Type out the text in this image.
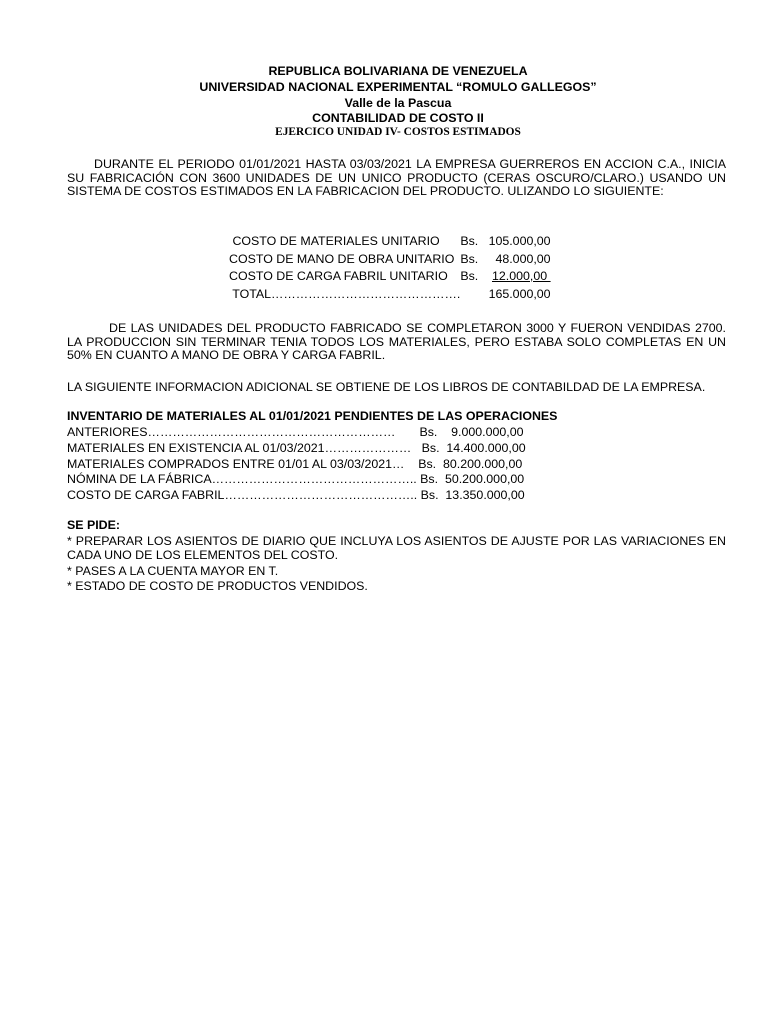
REPUBLICA BOLIVARIANA DE VENEZUELA
UNIVERSIDAD NACIONAL EXPERIMENTAL “ROMULO GALLEGOS”
Valle de la Pascua
CONTABILIDAD DE COSTO II
EJERCICO UNIDAD IV- COSTOS ESTIMADOS
DURANTE EL PERIODO 01/01/2021 HASTA 03/03/2021 LA EMPRESA GUERREROS EN ACCION C.A., INICIA SU FABRICACIÓN CON 3600 UNIDADES DE UN UNICO PRODUCTO (CERAS OSCURO/CLARO.) USANDO UN SISTEMA DE COSTOS ESTIMADOS EN LA FABRICACION DEL PRODUCTO. ULIZANDO LO SIGUIENTE:
COSTO DE MATERIALES UNITARIO	Bs.	105.000,00
COSTO DE MANO DE OBRA UNITARIO	Bs.	48.000,00
COSTO DE CARGA FABRIL UNITARIO	Bs.	12.000,00
TOTAL……………………………………….		165.000,00
DE LAS UNIDADES DEL PRODUCTO FABRICADO SE COMPLETARON 3000 Y FUERON VENDIDAS 2700. LA PRODUCCION SIN TERMINAR TENIA TODOS LOS MATERIALES, PERO ESTABA SOLO COMPLETAS EN UN 50% EN CUANTO A MANO DE OBRA Y CARGA FABRIL.
LA SIGUIENTE INFORMACION ADICIONAL SE OBTIENE DE LOS LIBROS DE CONTABILDAD DE LA EMPRESA.
INVENTARIO DE MATERIALES AL 01/01/2021 PENDIENTES DE LAS OPERACIONES
ANTERIORES……………………………………………………       Bs.    9.000.000,00
MATERIALES EN EXISTENCIA AL 01/03/2021…………………   Bs.  14.400.000,00
MATERIALES COMPRADOS ENTRE 01/01 AL 03/03/2021…    Bs.  80.200.000,00
NÓMINA DE LA FÁBRICA………………………………………….. Bs.  50.200.000,00
COSTO DE CARGA FABRIL……………………………………….. Bs.  13.350.000,00
SE PIDE:
* PREPARAR LOS ASIENTOS DE DIARIO QUE INCLUYA LOS ASIENTOS DE AJUSTE POR LAS VARIACIONES EN CADA UNO DE LOS ELEMENTOS DEL COSTO.
* PASES A LA CUENTA MAYOR EN T.
* ESTADO DE COSTO DE PRODUCTOS VENDIDOS.
